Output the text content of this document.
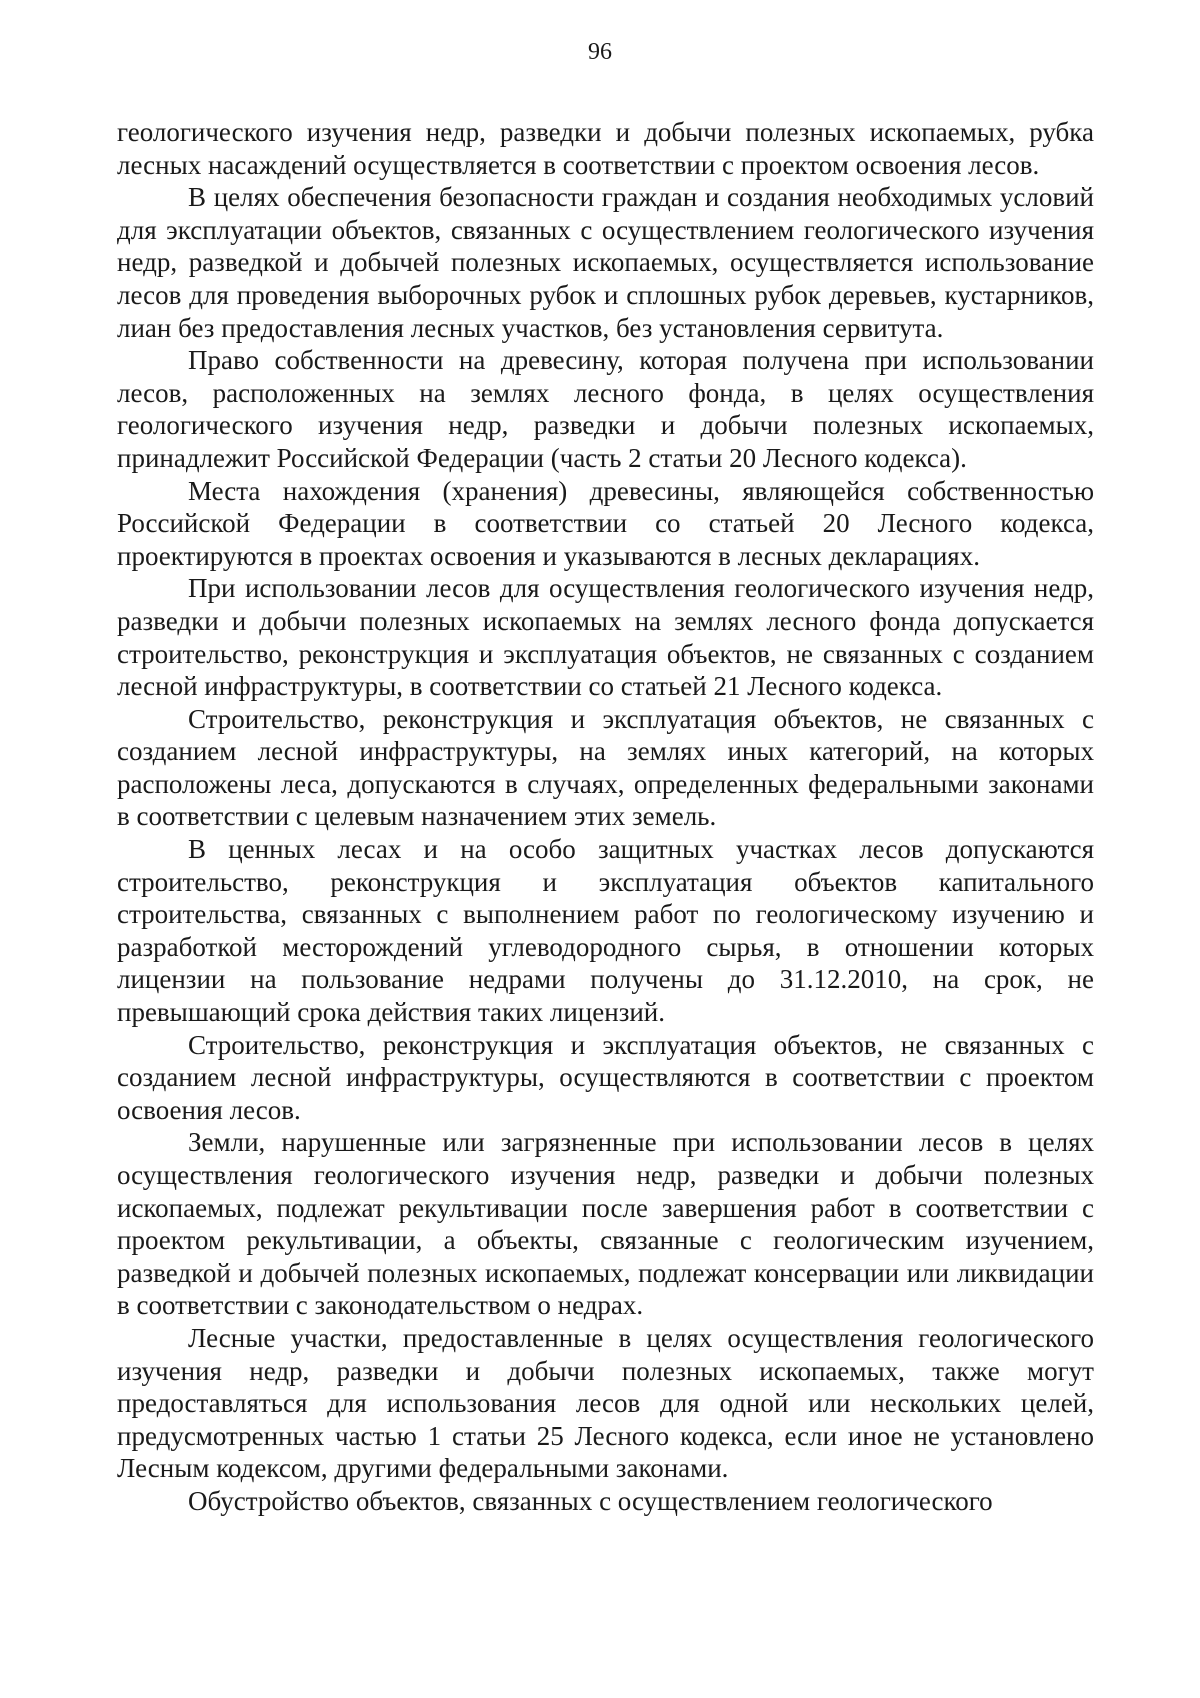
96

геологического изучения недр, разведки и добычи полезных ископаемых, рубка лесных насаждений осуществляется в соответствии с проектом освоения лесов.

В целях обеспечения безопасности граждан и создания необходимых условий для эксплуатации объектов, связанных с осуществлением геологического изучения недр, разведкой и добычей полезных ископаемых, осуществляется использование лесов для проведения выборочных рубок и сплошных рубок деревьев, кустарников, лиан без предоставления лесных участков, без установления сервитута.

Право собственности на древесину, которая получена при использовании лесов, расположенных на землях лесного фонда, в целях осуществления геологического изучения недр, разведки и добычи полезных ископаемых, принадлежит Российской Федерации (часть 2 статьи 20 Лесного кодекса).

Места нахождения (хранения) древесины, являющейся собственностью Российской Федерации в соответствии со статьей 20 Лесного кодекса, проектируются в проектах освоения и указываются в лесных декларациях.

При использовании лесов для осуществления геологического изучения недр, разведки и добычи полезных ископаемых на землях лесного фонда допускается строительство, реконструкция и эксплуатация объектов, не связанных с созданием лесной инфраструктуры, в соответствии со статьей 21 Лесного кодекса.

Строительство, реконструкция и эксплуатация объектов, не связанных с созданием лесной инфраструктуры, на землях иных категорий, на которых расположены леса, допускаются в случаях, определенных федеральными законами в соответствии с целевым назначением этих земель.

В ценных лесах и на особо защитных участках лесов допускаются строительство, реконструкция и эксплуатация объектов капитального строительства, связанных с выполнением работ по геологическому изучению и разработкой месторождений углеводородного сырья, в отношении которых лицензии на пользование недрами получены до 31.12.2010, на срок, не превышающий срока действия таких лицензий.

Строительство, реконструкция и эксплуатация объектов, не связанных с созданием лесной инфраструктуры, осуществляются в соответствии с проектом освоения лесов.

Земли, нарушенные или загрязненные при использовании лесов в целях осуществления геологического изучения недр, разведки и добычи полезных ископаемых, подлежат рекультивации после завершения работ в соответствии с проектом рекультивации, а объекты, связанные с геологическим изучением, разведкой и добычей полезных ископаемых, подлежат консервации или ликвидации в соответствии с законодательством о недрах.

Лесные участки, предоставленные в целях осуществления геологического изучения недр, разведки и добычи полезных ископаемых, также могут предоставляться для использования лесов для одной или нескольких целей, предусмотренных частью 1 статьи 25 Лесного кодекса, если иное не установлено Лесным кодексом, другими федеральными законами.

Обустройство объектов, связанных с осуществлением геологического
